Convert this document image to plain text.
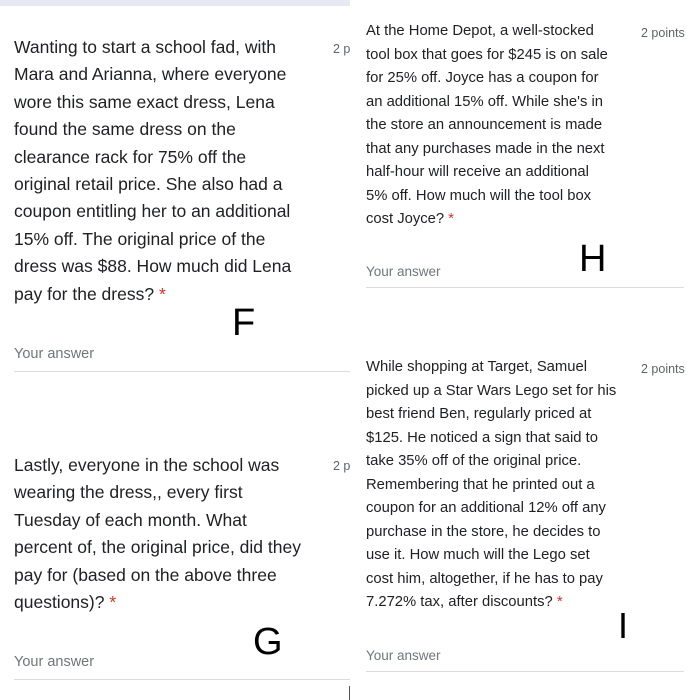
Wanting to start a school fad, with
Mara and Arianna, where everyone
wore this same exact dress, Lena
found the same dress on the
clearance rack for 75% off the
original retail price. She also had a
coupon entitling her to an additional
15% off. The original price of the
dress was $88. How much did Lena
pay for the dress? *

2 p
F
Your answer

Lastly, everyone in the school was
wearing the dress,, every first
Tuesday of each month. What
percent of, the original price, did they
pay for (based on the above three
questions)? *

2 p
G
Your answer

At the Home Depot, a well-stocked
tool box that goes for $245 is on sale
for 25% off. Joyce has a coupon for
an additional 15% off. While she's in
the store an announcement is made
that any purchases made in the next
half-hour will receive an additional
5% off. How much will the tool box
cost Joyce? *

2 points
H
Your answer

While shopping at Target, Samuel
picked up a Star Wars Lego set for his
best friend Ben, regularly priced at
$125. He noticed a sign that said to
take 35% off of the original price.
Remembering that he printed out a
coupon for an additional 12% off any
purchase in the store, he decides to
use it. How much will the Lego set
cost him, altogether, if he has to pay
7.272% tax, after discounts? *

2 points
I
Your answer
